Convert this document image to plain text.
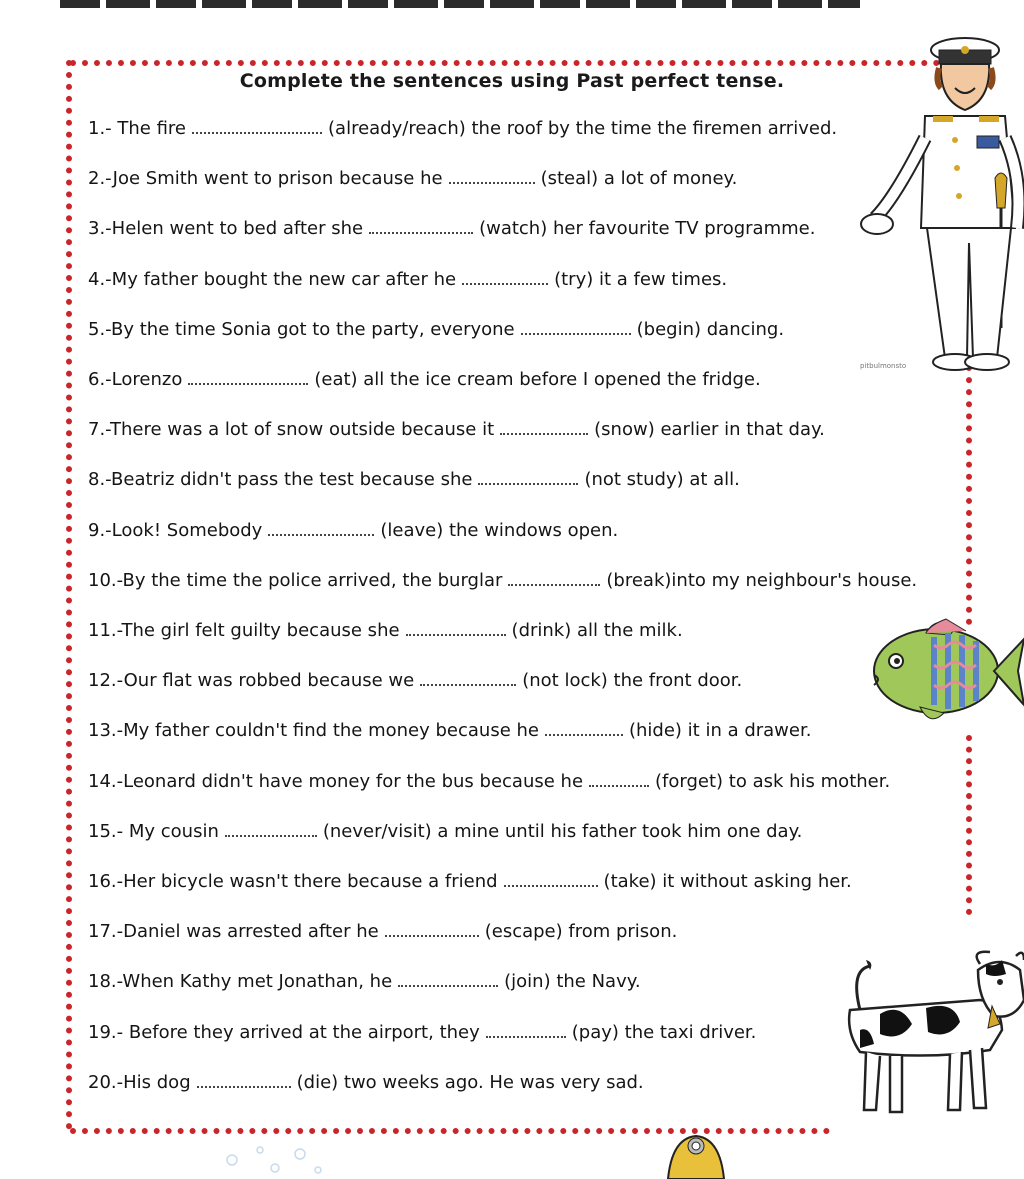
Complete the sentences using Past perfect tense.
1.- The fire	(already/reach) the roof by the time the firemen arrived.
2.-Joe Smith went to prison because he	(steal) a lot of money.
3.-Helen went to bed after she	(watch) her favourite TV programme.
4.-My father bought the new car after he	(try) it a few times.
5.-By the time Sonia got to the party, everyone	(begin) dancing.
6.-Lorenzo	(eat) all the ice cream before I opened the fridge.
7.-There was a lot of snow outside because it	(snow) earlier in that day.
8.-Beatriz didn't pass the test because she	(not study) at all.
9.-Look! Somebody	(leave) the windows open.
10.-By the time the police arrived, the burglar	(break)into my neighbour's house.
11.-The girl felt guilty because she	(drink) all the milk.
12.-Our flat was robbed because we	(not lock) the front door.
13.-My father couldn't find the money because he	(hide) it in a drawer.
14.-Leonard didn't have money for the bus because he	(forget) to ask his mother.
15.- My cousin	(never/visit) a mine until his father took him one day.
16.-Her bicycle wasn't there because a friend	(take) it without asking her.
17.-Daniel was arrested after he	(escape) from prison.
18.-When Kathy met Jonathan, he	(join) the Navy.
19.- Before they arrived at the airport, they	(pay) the taxi driver.
20.-His dog	(die) two weeks ago. He was very sad.
pitbulmonsto
